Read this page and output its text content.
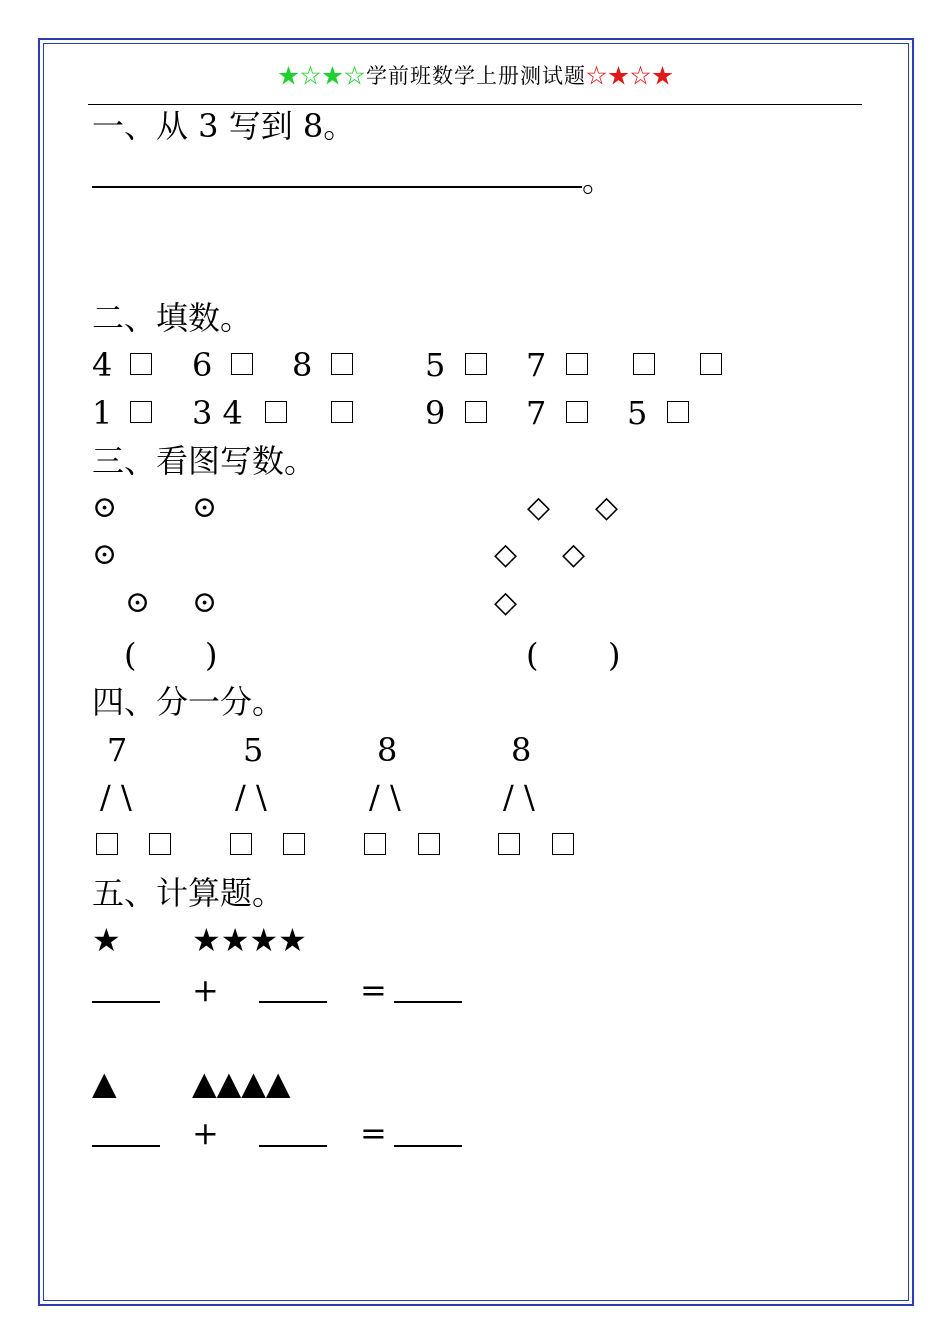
★☆★☆学前班数学上册测试题☆★☆★
一、从 3 写到 8。
。
二、填数。
4 6 8	5	7
1 3 4	9	7	5
三、看图写数。
⊙ ⊙
⊙
⊙ ⊙
◇ ◇
◇ ◇
◇
( )	( )
四、分一分。
7	5	8	8
/ \	/ \	/ \	/ \
五、计算题。
★ ★★★★
+	=
▲ ▲▲▲▲
+	=
